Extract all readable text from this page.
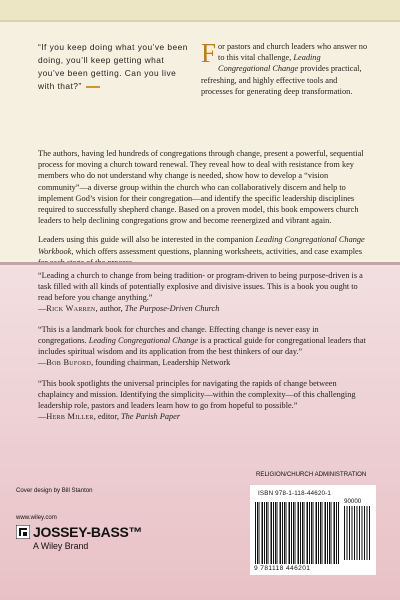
“If you keep doing what you’ve been doing, you’ll keep getting what you’ve been getting. Can you live with that?”
For pastors and church leaders who answer no to this vital challenge, Leading Congregational Change provides practical, refreshing, and highly effective tools and processes for generating deep transformation.

The authors, having led hundreds of congregations through change, present a powerful, sequential process for moving a church toward renewal. They reveal how to deal with resistance from key members who do not understand why change is needed, show how to develop a “vision community”—a diverse group within the church who can collaboratively discern and help to implement God’s vision for their congregation—and identify the specific leadership disciplines required to successfully shepherd change. Based on a proven model, this book empowers church leaders to help declining congregations grow and become reenergized and vibrant again.

Leaders using this guide will also be interested in the companion Leading Congregational Change Workbook, which offers assessment questions, planning worksheets, activities, and case examples

“Leading a church to change from being tradition- or program-driven to being purpose-driven is a task filled with all kinds of potentially explosive and divisive issues. This is a book you ought to read before you change anything.”

—Rick Warren, author, The Purpose-Driven Church

“This is a landmark book for churches and change. Effecting change is never easy in congregations. Leading Congregational Change is a practical guide for congregational leaders that includes spiritual wisdom and its application from the best thinkers of our day.”

—Bob Buford, founding chairman, Leadership Network

“This book spotlights the universal principles for navigating the rapids of change between chaplaincy and mission. Identifying the simplicity—within the complexity—of this challenging leadership role, pastors and leaders learn how to go from hopeful to possible.”

—Herb Miller, editor, The Parish Paper

RELIGION/CHURCH ADMINISTRATION
ISBN 978-1-118-44620-1
90000
9 781118 446201
Cover design by Bill Stanton
www.wiley.com
JOSSEY-BASS™
A Wiley Brand
